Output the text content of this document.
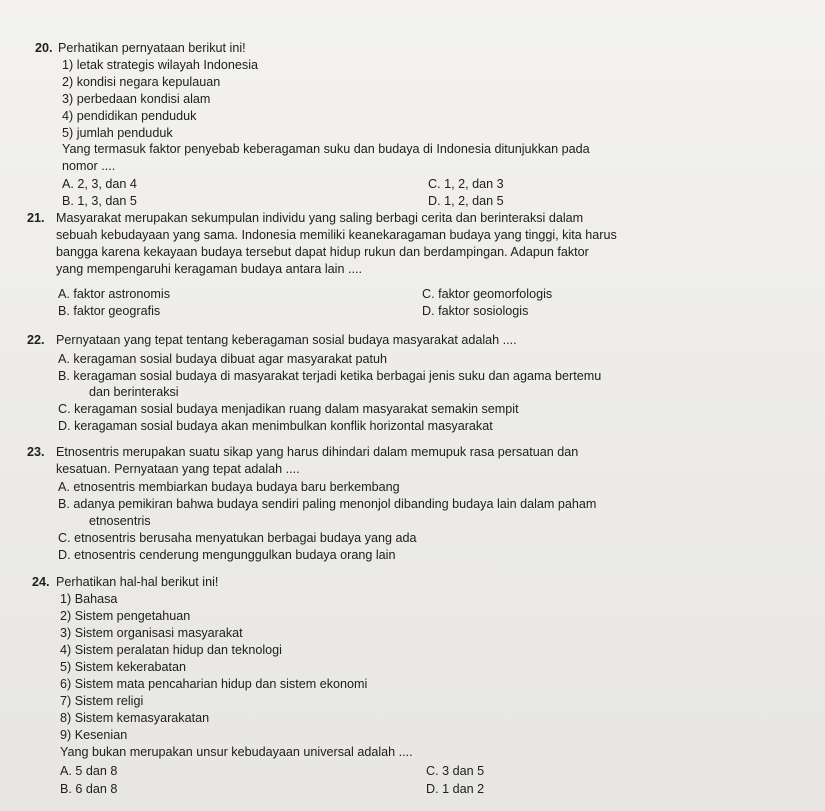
20. Perhatikan pernyataan berikut ini!
1) letak strategis wilayah Indonesia
2) kondisi negara kepulauan
3) perbedaan kondisi alam
4) pendidikan penduduk
5) jumlah penduduk
Yang termasuk faktor penyebab keberagaman suku dan budaya di Indonesia ditunjukkan pada
nomor ....
A. 2, 3, dan 4
B. 1, 3, dan 5
C. 1, 2, dan 3
D. 1, 2, dan 5
21. Masyarakat merupakan sekumpulan individu yang saling berbagi cerita dan berinteraksi dalam
sebuah kebudayaan yang sama. Indonesia memiliki keanekaragaman budaya yang tinggi, kita harus
bangga karena kekayaan budaya tersebut dapat hidup rukun dan berdampingan. Adapun faktor
yang mempengaruhi keragaman budaya antara lain ....
A. faktor astronomis
B. faktor geografis
C. faktor geomorfologis
D. faktor sosiologis
22. Pernyataan yang tepat tentang keberagaman sosial budaya masyarakat adalah ....
A. keragaman sosial budaya dibuat agar masyarakat patuh
B. keragaman sosial budaya di masyarakat terjadi ketika berbagai jenis suku dan agama bertemu
dan berinteraksi
C. keragaman sosial budaya menjadikan ruang dalam masyarakat semakin sempit
D. keragaman sosial budaya akan menimbulkan konflik horizontal masyarakat
23. Etnosentris merupakan suatu sikap yang harus dihindari dalam memupuk rasa persatuan dan
kesatuan. Pernyataan yang tepat adalah ....
A. etnosentris membiarkan budaya budaya baru berkembang
B. adanya pemikiran bahwa budaya sendiri paling menonjol dibanding budaya lain dalam paham
etnosentris
C. etnosentris berusaha menyatukan berbagai budaya yang ada
D. etnosentris cenderung mengunggulkan budaya orang lain
24. Perhatikan hal-hal berikut ini!
1) Bahasa
2) Sistem pengetahuan
3) Sistem organisasi masyarakat
4) Sistem peralatan hidup dan teknologi
5) Sistem kekerabatan
6) Sistem mata pencaharian hidup dan sistem ekonomi
7) Sistem religi
8) Sistem kemasyarakatan
9) Kesenian
Yang bukan merupakan unsur kebudayaan universal adalah ....
A. 5 dan 8
B. 6 dan 8
C. 3 dan 5
D. 1 dan 2
